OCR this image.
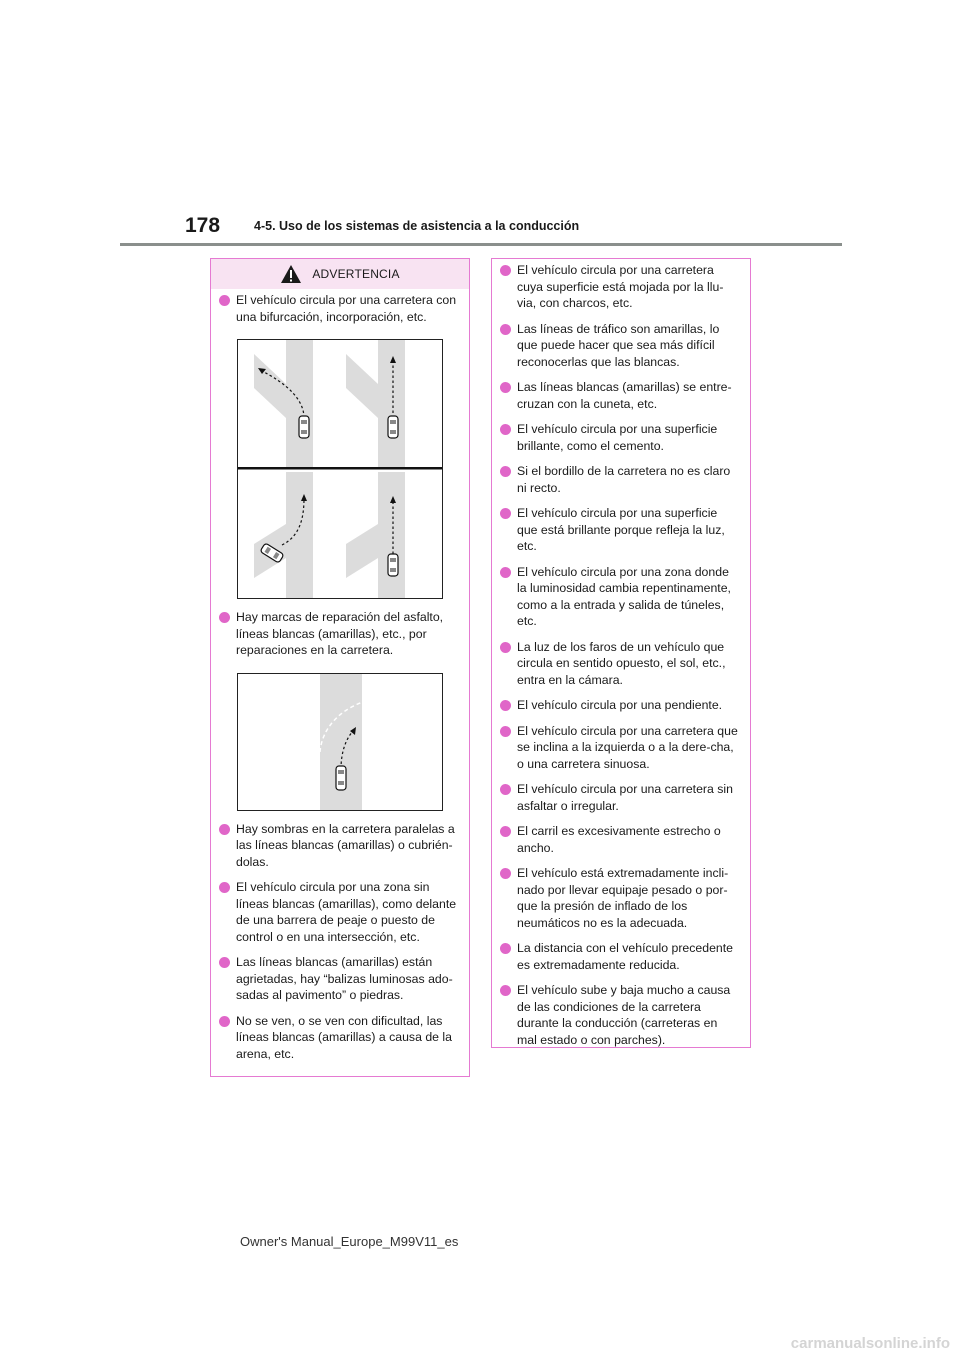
178	4-5. Uso de los sistemas de asistencia a la conducción
ADVERTENCIA
El vehículo circula por una carretera con una bifurcación, incorporación, etc.
Hay marcas de reparación del asfalto, líneas blancas (amarillas), etc., por reparaciones en la carretera.
Hay sombras en la carretera paralelas a las líneas blancas (amarillas) o cubrién-dolas.
El vehículo circula por una zona sin líneas blancas (amarillas), como delante de una barrera de peaje o puesto de control o en una intersección, etc.
Las líneas blancas (amarillas) están agrietadas, hay “balizas luminosas ado-sadas al pavimento” o piedras.
No se ven, o se ven con dificultad, las líneas blancas (amarillas) a causa de la arena, etc.
El vehículo circula por una carretera cuya superficie está mojada por la llu-via, con charcos, etc.
Las líneas de tráfico son amarillas, lo que puede hacer que sea más difícil reconocerlas que las blancas.
Las líneas blancas (amarillas) se entre-cruzan con la cuneta, etc.
El vehículo circula por una superficie brillante, como el cemento.
Si el bordillo de la carretera no es claro ni recto.
El vehículo circula por una superficie que está brillante porque refleja la luz, etc.
El vehículo circula por una zona donde la luminosidad cambia repentinamente, como a la entrada y salida de túneles, etc.
La luz de los faros de un vehículo que circula en sentido opuesto, el sol, etc., entra en la cámara.
El vehículo circula por una pendiente.
El vehículo circula por una carretera que se inclina a la izquierda o a la dere-cha, o una carretera sinuosa.
El vehículo circula por una carretera sin asfaltar o irregular.
El carril es excesivamente estrecho o ancho.
El vehículo está extremadamente incli-nado por llevar equipaje pesado o por-que la presión de inflado de los neumáticos no es la adecuada.
La distancia con el vehículo precedente es extremadamente reducida.
El vehículo sube y baja mucho a causa de las condiciones de la carretera durante la conducción (carreteras en mal estado o con parches).
Owner's Manual_Europe_M99V11_es
carmanualsonline.info
